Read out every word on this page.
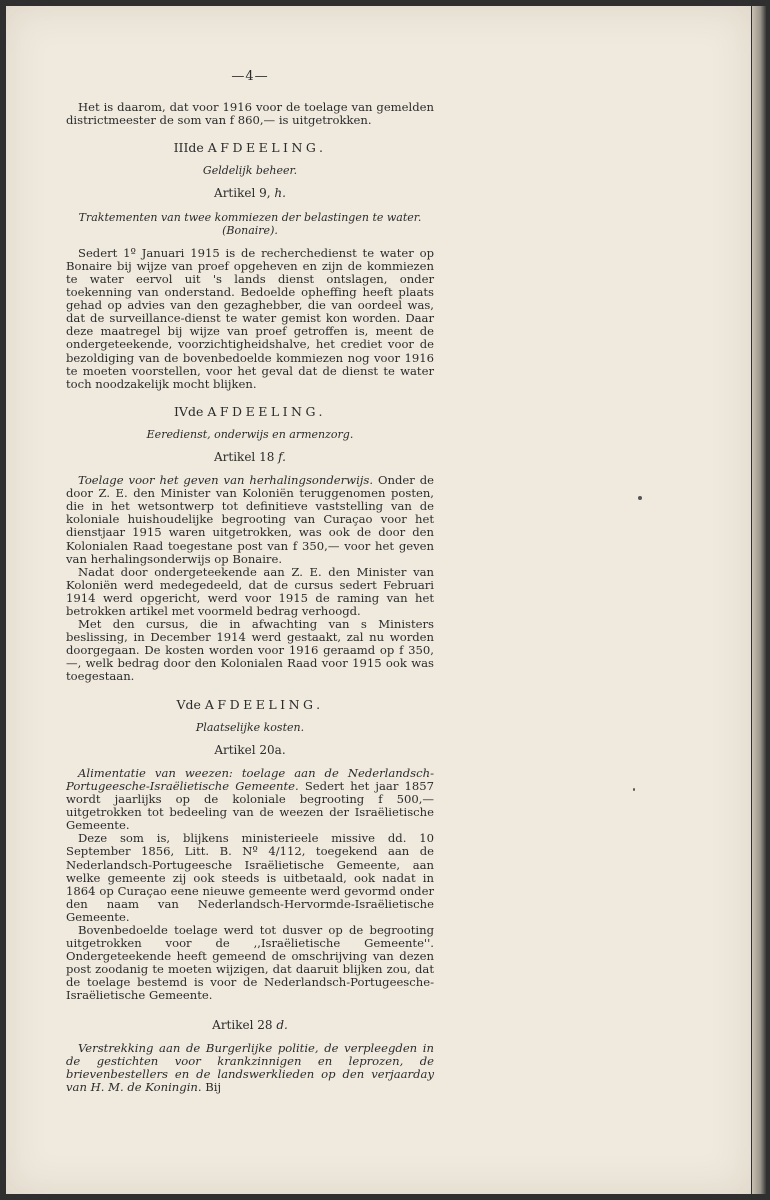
—4—

Het is daarom, dat voor 1916 voor de toelage van gemelden districtmeester de som van f 860,— is uitgetrokken.

IIIde AFDEELING.
Geldelijk beheer.
Artikel 9, h.
Traktementen van twee kommiezen der belastingen te water.
(Bonaire).

Sedert 1º Januari 1915 is de recherchedienst te water op Bonaire bij wijze van proef opgeheven en zijn de kommiezen te water eervol uit 's lands dienst ontslagen, onder toekenning van onderstand. Bedoelde opheffing heeft plaats gehad op advies van den gezaghebber, die van oordeel was, dat de surveillance-dienst te water gemist kon worden. Daar deze maatregel bij wijze van proef getroffen is, meent de ondergeteekende, voorzichtigheidshalve, het crediet voor de bezoldiging van de bovenbedoelde kommiezen nog voor 1916 te moeten voorstellen, voor het geval dat de dienst te water toch noodzakelijk mocht blijken.

IVde AFDEELING.
Eeredienst, onderwijs en armenzorg.
Artikel 18 f.

Toelage voor het geven van herhalingsonderwijs. Onder de door Z. E. den Minister van Koloniën teruggenomen posten, die in het wetsontwerp tot definitieve vaststelling van de koloniale huishoudelijke begrooting van Curaçao voor het dienstjaar 1915 waren uitgetrokken, was ook de door den Kolonialen Raad toegestane post van f 350,— voor het geven van herhalingsonderwijs op Bonaire.

Nadat door ondergeteekende aan Z. E. den Minister van Koloniën werd medegedeeld, dat de cursus sedert Februari 1914 werd opgericht, werd voor 1915 de raming van het betrokken artikel met voormeld bedrag verhoogd.

Met den cursus, die in afwachting van s Ministers beslissing, in December 1914 werd gestaakt, zal nu worden doorgegaan. De kosten worden voor 1916 geraamd op f 350,—, welk bedrag door den Kolonialen Raad voor 1915 ook was toegestaan.

Vde AFDEELING.
Plaatselijke kosten.
Artikel 20a.

Alimentatie van weezen: toelage aan de Nederlandsch-Portugeesche-Israëlietische Gemeente. Sedert het jaar 1857 wordt jaarlijks op de koloniale begrooting f 500,— uitgetrokken tot bedeeling van de weezen der Israëlietische Gemeente.

Deze som is, blijkens ministerieele missive dd. 10 September 1856, Litt. B. Nº 4/112, toegekend aan de Nederlandsch-Portugeesche Israëlietische Gemeente, aan welke gemeente zij ook steeds is uitbetaald, ook nadat in 1864 op Curaçao eene nieuwe gemeente werd gevormd onder den naam van Nederlandsch-Hervormde-Israëlietische Gemeente.

Bovenbedoelde toelage werd tot dusver op de begrooting uitgetrokken voor de ,,Israëlietische Gemeente''. Ondergeteekende heeft gemeend de omschrijving van dezen post zoodanig te moeten wijzigen, dat daaruit blijken zou, dat de toelage bestemd is voor de Nederlandsch-Portugeesche-Israëlietische Gemeente.

Artikel 28 d.

Verstrekking aan de Burgerlijke politie, de verpleegden in de gestichten voor krankzinnigen en leprozen, de brievenbestellers en de landswerklieden op den verjaarday van H. M. de Koningin. Bij
